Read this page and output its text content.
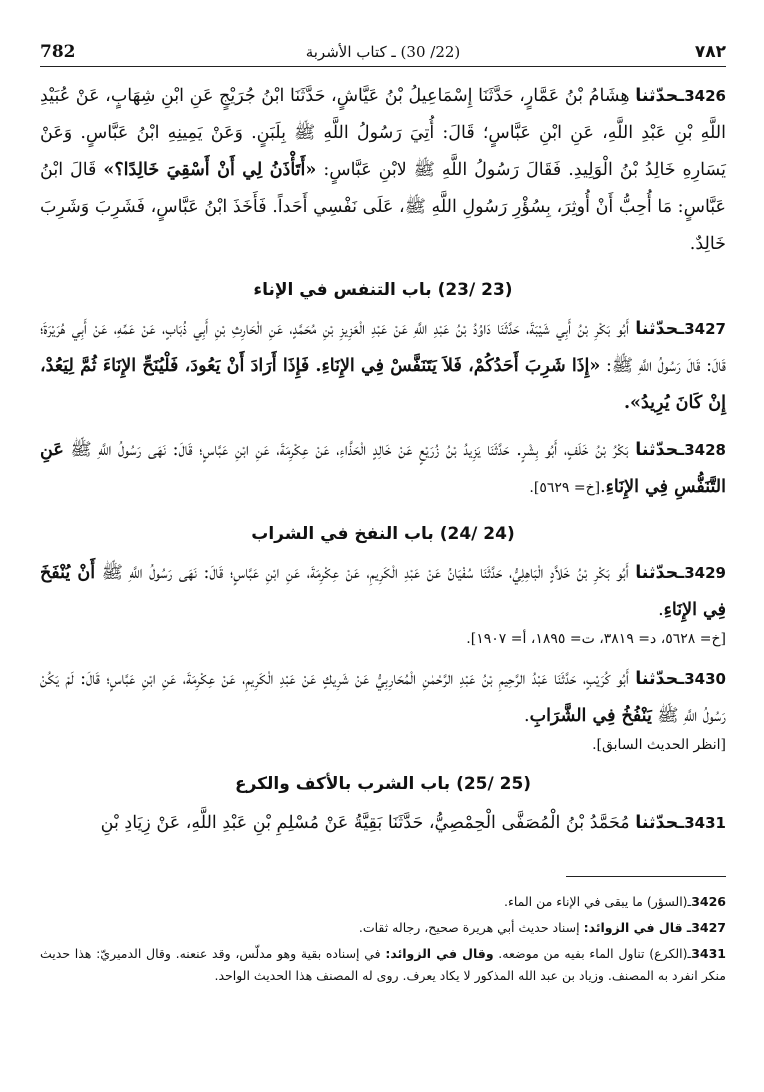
782	(22/ 30) ـ كتاب الأشربة	٧٨٢

3426ـحدّثنا هِشَامُ بْنُ عَمَّارٍ، حَدَّثَنَا إِسْمَاعِيلُ بْنُ عَيَّاشٍ، حَدَّثَنَا ابْنُ جُرَيْجٍ عَنِ ابْنِ شِهَابٍ، عَنْ عُبَيْدِ اللَّهِ بْنِ عَبْدِ اللَّهِ، عَنِ ابْنِ عَبَّاسٍ؛ قَالَ: أُتِيَ رَسُولُ اللَّهِ ﷺ بِلَبَنٍ. وَعَنْ يَمِينِهِ ابْنُ عَبَّاسٍ. وَعَنْ يَسَارِهِ خَالِدُ بْنُ الْوَلِيدِ. فَقَالَ رَسُولُ اللَّهِ ﷺ لابْنِ عَبَّاسٍ: «أَتَأْذَنُ لِي أَنْ أَسْقِيَ خَالِدًا؟» قَالَ ابْنُ عَبَّاسٍ: مَا أُحِبُّ أَنْ أُوثِرَ، بِسُؤْرِ رَسُولِ اللَّهِ ﷺ، عَلَى نَفْسِي أَحَداً. فَأَخَذَ ابْنُ عَبَّاسٍ، فَشَرِبَ وَشَرِبَ خَالِدٌ.

(23/ 23) باب التنفس في الإناء

3427ـحدّثنا أَبُو بَكْرِ بْنُ أَبِي شَيْبَةَ، حَدَّثَنَا دَاوُدُ بْنُ عَبْدِ اللَّهِ عَنْ عَبْدِ الْعَزِيزِ بْنِ مُحَمَّدٍ، عَنِ الْحَارِثِ بْنِ أَبِي ذُبَابٍ، عَنْ عَمِّهِ، عَنْ أَبِي هُرَيْرَةَ؛ قَالَ: قَالَ رَسُولُ اللَّهِ ﷺ: «إِذَا شَرِبَ أَحَدُكُمْ، فَلاَ يَتَنَفَّسْ فِي الإِنَاءِ. فَإِذَا أَرَادَ أَنْ يَعُودَ، فَلْيُنَحِّ الإِنَاءَ ثُمَّ لِيَعُدْ، إِنْ كَانَ يُرِيدُ».

3428ـحدّثنا بَكْرُ بْنُ خَلَفٍ، أَبُو بِشْرٍ. حَدَّثَنَا يَزِيدُ بْنُ زُرَيْعٍ عَنْ خَالِدٍ الْحَذَّاءِ، عَنْ عِكْرِمَةَ، عَنِ ابْنِ عَبَّاسٍ؛ قَالَ: نَهَى رَسُولُ اللَّهِ ﷺ عَنِ التَّنَفُّسِ فِي الإِنَاءِ.[خ= ٥٦٢٩].

(24/ 24) باب النفخ في الشراب

3429ـحدّثنا أَبُو بَكْرِ بْنُ خَلاَّدٍ الْبَاهِلِيُّ، حَدَّثَنَا سُفْيَانُ عَنْ عَبْدِ الْكَرِيمِ، عَنْ عِكْرِمَةَ، عَنِ ابْنِ عَبَّاسٍ؛ قَالَ: نَهَى رَسُولُ اللَّهِ ﷺ أَنْ يُنْفَخَ فِي الإِنَاءِ.

[خ= ٥٦٢٨، د= ٣٨١٩، ت= ١٨٩٥، أ= ١٩٠٧].

3430ـحدّثنا أَبُو كُرَيْبٍ، حَدَّثَنَا عَبْدُ الرَّحِيمِ بْنُ عَبْدِ الرَّحْمٰنِ الْمُحَارِبِيُّ عَنْ شَرِيكٍ عَنْ عَبْدِ الْكَرِيمِ، عَنْ عِكْرِمَةَ، عَنِ ابْنِ عَبَّاسٍ؛ قَالَ: لَمْ يَكُنْ رَسُولُ اللَّهِ ﷺ يَنْفُخُ فِي الشَّرَابِ.

[انظر الحديث السابق].
(25/ 25) باب الشرب بالأكف والكرع

3431ـحدّثنا مُحَمَّدُ بْنُ الْمُصَفَّى الْحِمْصِيُّ، حَدَّثَنَا بَقِيَّةُ عَنْ مُسْلِمِ بْنِ عَبْدِ اللَّهِ، عَنْ زِيَادِ بْنِ

3426ـ(السؤر) ما يبقى في الإناء من الماء.

3427ـ قال في الزوائد: إسناد حديث أبي هريرة صحيح، رجاله ثقات.

3431ـ(الكرع) تناول الماء بفيه من موضعه. وقال في الزوائد: في إسناده بقية وهو مدلّس، وقد عنعنه. وقال الدميريّ: هذا حديث منكر انفرد به المصنف. وزياد بن عبد الله المذكور لا يكاد يعرف. روى له المصنف هذا الحديث الواحد.
